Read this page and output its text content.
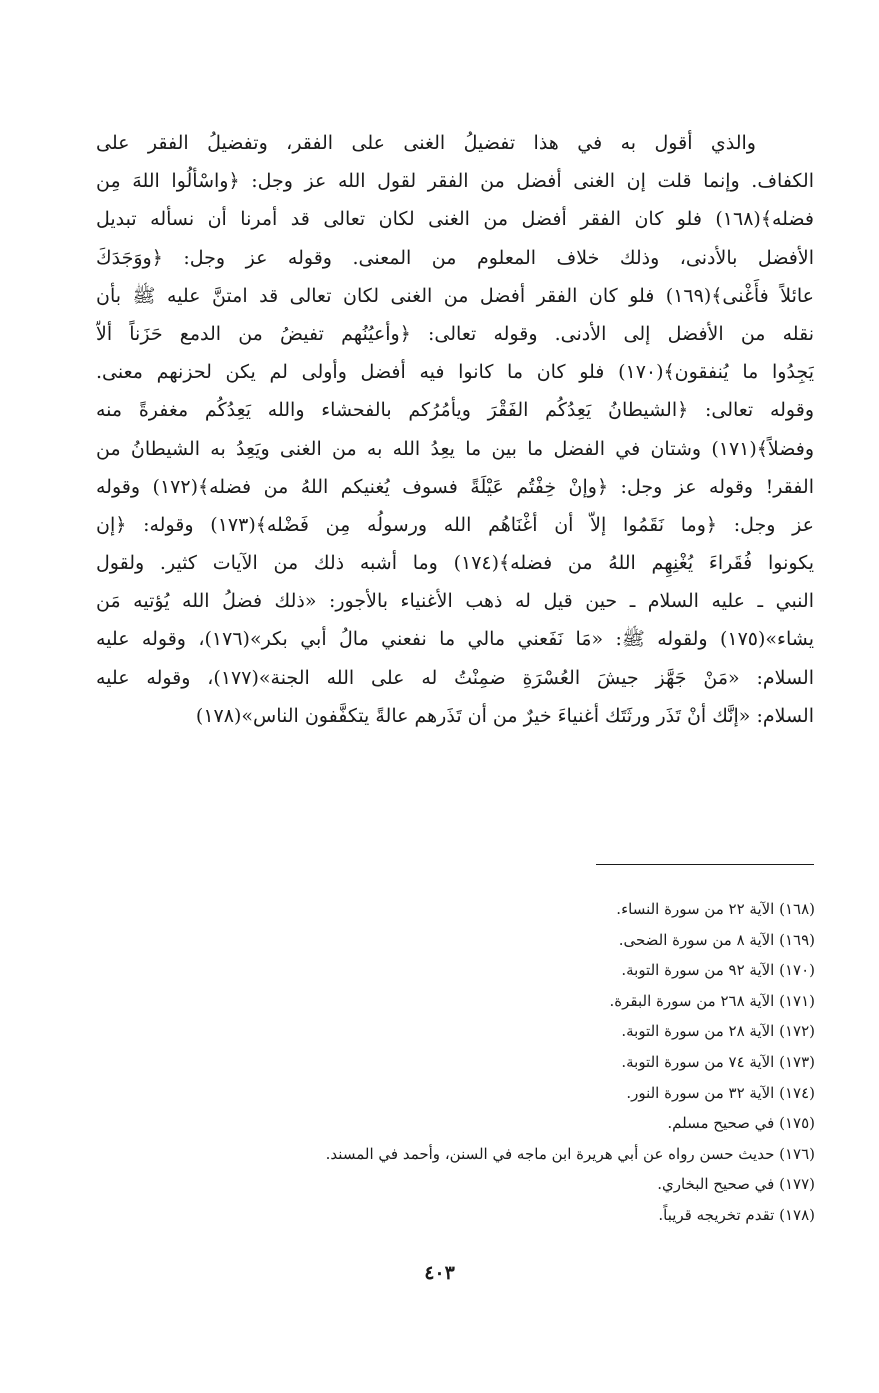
والذي أقول به في هذا تفضيلُ الغنى على الفقر، وتفضيلُ الفقر على
الكفاف. وإنما قلت إن الغنى أفضل من الفقر لقول الله عز وجل: ﴿واسْألُوا اللهَ مِن
فضله﴾(١٦٨) فلو كان الفقر أفضل من الغنى لكان تعالى قد أمرنا أن نسأله تبديل
الأفضل بالأدنى، وذلك خلاف المعلوم من المعنى. وقوله عز وجل: ﴿ووَجَدَكَ
عائلاً فأَغْنى﴾(١٦٩) فلو كان الفقر أفضل من الغنى لكان تعالى قد امتنَّ عليه ﷺ بأن
نقله من الأفضل إلى الأدنى. وقوله تعالى: ﴿وأعيُنُهم تفيضُ من الدمع حَزَناً ألاّ
يَجِدُوا ما يُنفقون﴾(١٧٠) فلو كان ما كانوا فيه أفضل وأولى لم يكن لحزنهم معنى.
وقوله تعالى: ﴿الشيطانُ يَعِدُكُم الفَقْرَ ويأمُرُكم بالفحشاء والله يَعِدُكُم مغفرةً منه
وفضلاً﴾(١٧١) وشتان في الفضل ما بين ما يعِدُ الله به من الغنى ويَعِدُ به الشيطانُ من
الفقر! وقوله عز وجل: ﴿وإنْ خِفْتُم عَيْلَةً فسوف يُغنيكم اللهُ من فضله﴾(١٧٢) وقوله
عز وجل: ﴿وما نَقَمُوا إلاّ أن أغْنَاهُم الله ورسولُه مِن فَضْله﴾(١٧٣) وقوله: ﴿إن
يكونوا فُقَراءَ يُغْنِهِم اللهُ من فضله﴾(١٧٤) وما أشبه ذلك من الآيات كثير. ولقول
النبي ـ عليه السلام ـ حين قيل له ذهب الأغنياء بالأجور: «ذلك فضلُ الله يُؤتيه مَن
يشاء»(١٧٥) ولقوله ﷺ: «مَا نَفَعني مالي ما نفعني مالُ أبي بكر»(١٧٦)، وقوله عليه
السلام: «مَنْ جَهَّز جيشَ العُسْرَةِ ضمِنْتُ له على الله الجنة»(١٧٧)، وقوله عليه
السلام: «إنَّك أنْ تَذَر ورثَتَك أغنياءَ خيرٌ من أن تَذَرهم عالةً يتكفَّفون الناس»(١٧٨)
(١٦٨) الآية ٢٢ من سورة النساء.
(١٦٩) الآية ٨ من سورة الضحى.
(١٧٠) الآية ٩٢ من سورة التوبة.
(١٧١) الآية ٢٦٨ من سورة البقرة.
(١٧٢) الآية ٢٨ من سورة التوبة.
(١٧٣) الآية ٧٤ من سورة التوبة.
(١٧٤) الآية ٣٢ من سورة النور.
(١٧٥) في صحيح مسلم.
(١٧٦) حديث حسن رواه عن أبي هريرة ابن ماجه في السنن، وأحمد في المسند.
(١٧٧) في صحيح البخاري.
(١٧٨) تقدم تخريجه قريباً.
٤٠٣
